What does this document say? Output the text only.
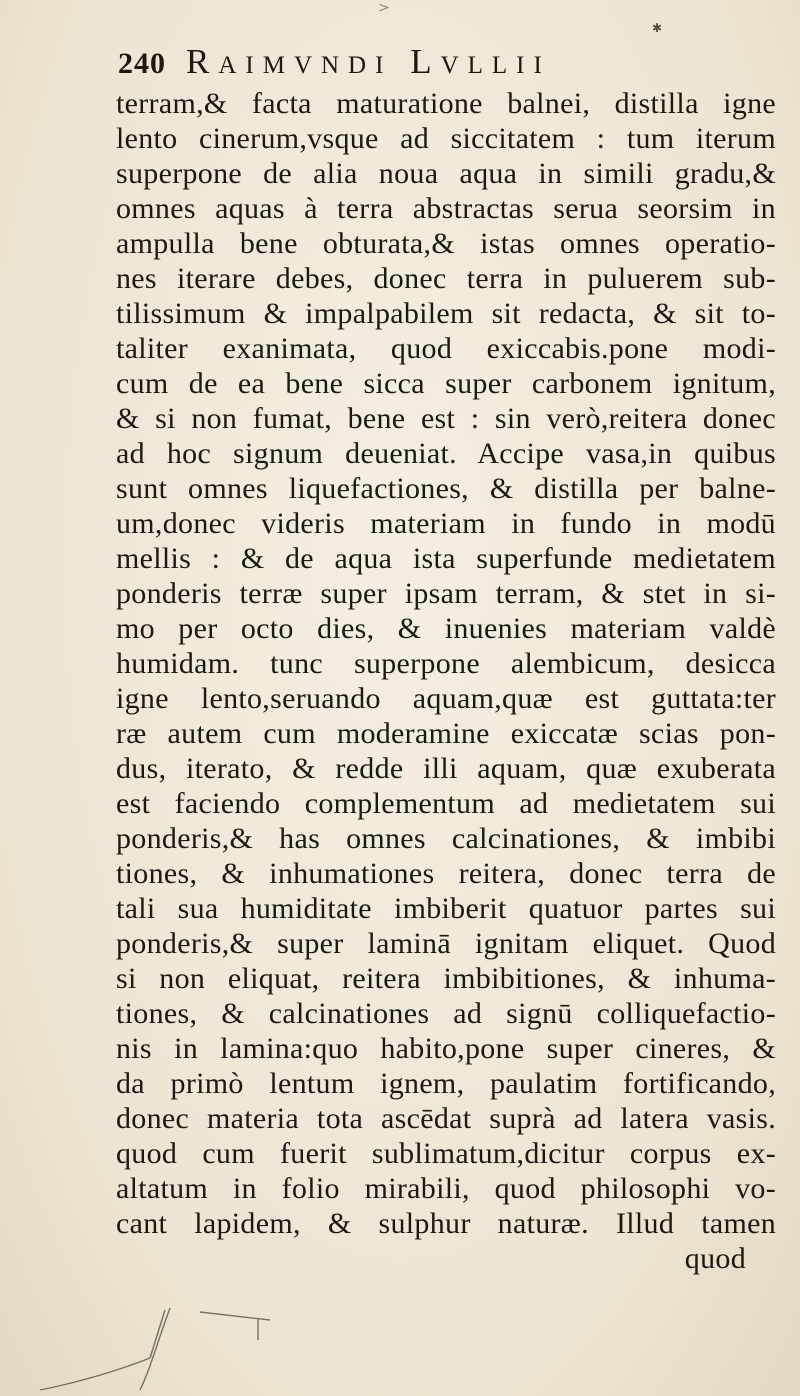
>
✱
240 Raimvndi Lvllii
terram,& facta maturatione balnei, distilla igne
lento cinerum,vsque ad siccitatem : tum iterum
superpone de alia noua aqua in simili gradu,&
omnes aquas à terra abstractas serua seorsim in
ampulla bene obturata,& istas omnes operatio-
nes iterare debes, donec terra in puluerem sub-
tilissimum & impalpabilem sit redacta, & sit to-
taliter exanimata, quod exiccabis.pone modi-
cum de ea bene sicca super carbonem ignitum,
& si non fumat, bene est : sin verò,reitera donec
ad hoc signum deueniat. Accipe vasa,in quibus
sunt omnes liquefactiones, & distilla per balne-
um,donec videris materiam in fundo in modū
mellis : & de aqua ista superfunde medietatem
ponderis terræ super ipsam terram, & stet in si-
mo per octo dies, & inuenies materiam valdè
humidam. tunc superpone alembicum, desicca
igne lento,seruando aquam,quæ est guttata:ter
ræ autem cum moderamine exiccatæ scias pon-
dus, iterato, & redde illi aquam, quæ exuberata
est faciendo complementum ad medietatem sui
ponderis,& has omnes calcinationes, & imbibi
tiones, & inhumationes reitera, donec terra de
tali sua humiditate imbiberit quatuor partes sui
ponderis,& super laminā ignitam eliquet. Quod
si non eliquat, reitera imbibitiones, & inhuma-
tiones, & calcinationes ad signū colliquefactio-
nis in lamina:quo habito,pone super cineres, &
da primò lentum ignem, paulatim fortificando,
donec materia tota ascēdat suprà ad latera vasis.
quod cum fuerit sublimatum,dicitur corpus ex-
altatum in folio mirabili, quod philosophi vo-
cant lapidem, & sulphur naturæ. Illud tamen
quod
